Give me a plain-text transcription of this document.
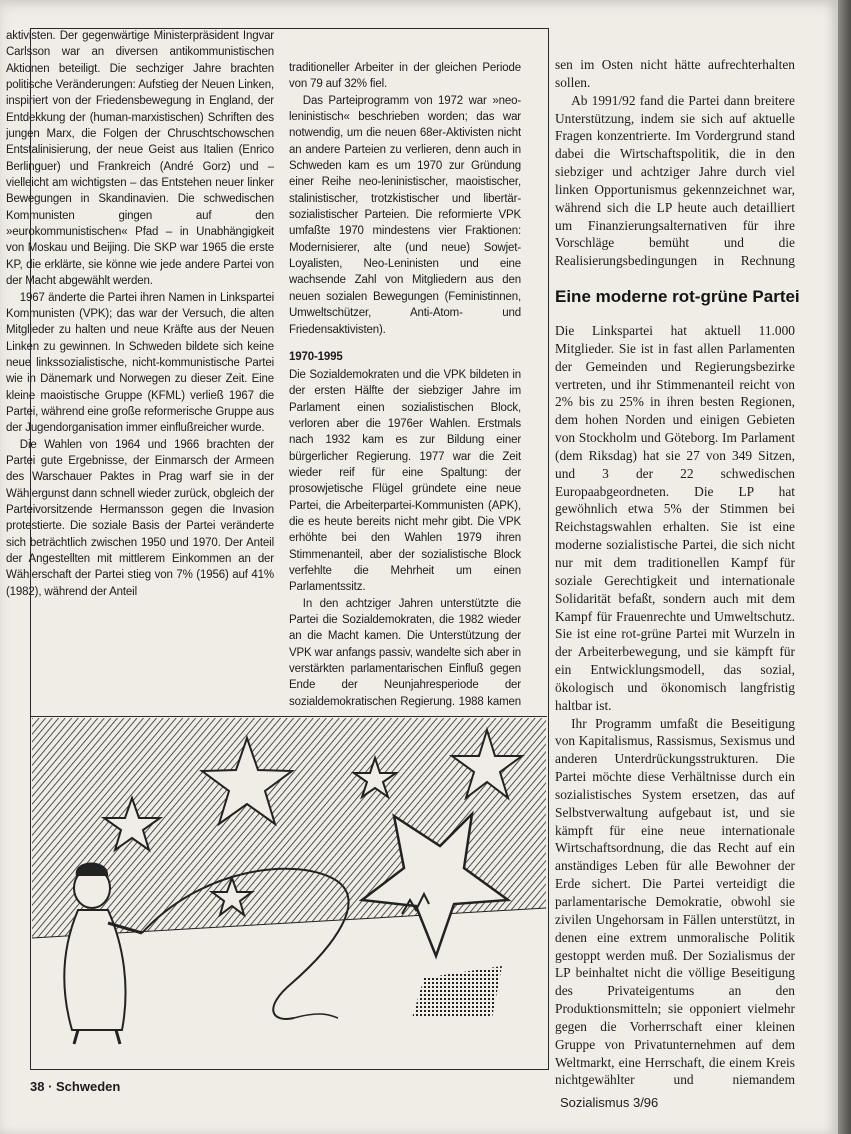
aktivisten. Der gegenwärtige Ministerpräsident Ingvar Carlsson war an diversen antikommunistischen Aktionen beteiligt. Die sechziger Jahre brachten politische Veränderungen: Aufstieg der Neuen Linken, inspiriert von der Friedensbewegung in England, der Entdekkung der (human-marxistischen) Schriften des jungen Marx, die Folgen der Chruschtschowschen Entstalinisierung, der neue Geist aus Italien (Enrico Berlinguer) und Frankreich (André Gorz) und – vielleicht am wichtigsten – das Entstehen neuer linker Bewegungen in Skandinavien. Die schwedischen Kommunisten gingen auf den »eurokommunistischen« Pfad – in Unabhängigkeit von Moskau und Beijing. Die SKP war 1965 die erste KP, die erklärte, sie könne wie jede andere Partei von der Macht abgewählt werden.

1967 änderte die Partei ihren Namen in Linkspartei Kommunisten (VPK); das war der Versuch, die alten Mitglieder zu halten und neue Kräfte aus der Neuen Linken zu gewinnen. In Schweden bildete sich keine neue linkssozialistische, nicht-kommunistische Partei wie in Dänemark und Norwegen zu dieser Zeit. Eine kleine maoistische Gruppe (KFML) verließ 1967 die Partei, während eine große reformerische Gruppe aus der Jugendorganisation immer einflußreicher wurde.

Die Wahlen von 1964 und 1966 brachten der Partei gute Ergebnisse, der Einmarsch der Armeen des Warschauer Paktes in Prag warf sie in der Wählergunst dann schnell wieder zurück, obgleich der Parteivorsitzende Hermansson gegen die Invasion protestierte. Die soziale Basis der Partei veränderte sich beträchtlich zwischen 1950 und 1970. Der Anteil der Angestellten mit mittlerem Einkommen an der Wählerschaft der Partei stieg von 7% (1956) auf 41% (1982), während der Anteil

traditioneller Arbeiter in der gleichen Periode von 79 auf 32% fiel.

Das Parteiprogramm von 1972 war »neo-leninistisch« beschrieben worden; das war notwendig, um die neuen 68er-Aktivisten nicht an andere Parteien zu verlieren, denn auch in Schweden kam es um 1970 zur Gründung einer Reihe neo-leninistischer, maoistischer, stalinistischer, trotzkistischer und libertär-sozialistischer Parteien. Die reformierte VPK umfaßte 1970 mindestens vier Fraktionen: Modernisierer, alte (und neue) Sowjet-Loyalisten, Neo-Leninisten und eine wachsende Zahl von Mitgliedern aus den neuen sozialen Bewegungen (Feministinnen, Umweltschützer, Anti-Atom- und Friedensaktivisten).

1970-1995

Die Sozialdemokraten und die VPK bildeten in der ersten Hälfte der siebziger Jahre im Parlament einen sozialistischen Block, verloren aber die 1976er Wahlen. Erstmals nach 1932 kam es zur Bildung einer bürgerlicher Regierung. 1977 war die Zeit wieder reif für eine Spaltung: der prosowjetische Flügel gründete eine neue Partei, die Arbeiterpartei-Kommunisten (APK), die es heute bereits nicht mehr gibt. Die VPK erhöhte bei den Wahlen 1979 ihren Stimmenanteil, aber der sozialistische Block verfehlte die Mehrheit um einen Parlamentssitz.

In den achtziger Jahren unterstützte die Partei die Sozialdemokraten, die 1982 wieder an die Macht kamen. Die Unterstützung der VPK war anfangs passiv, wandelte sich aber in verstärkten parlamentarischen Einfluß gegen Ende der Neunjahresperiode der sozialdemokratischen Regierung. 1988 kamen

sen im Osten nicht hätte aufrechterhalten sollen.

Ab 1991/92 fand die Partei dann breitere Unterstützung, indem sie sich auf aktuelle Fragen konzentrierte. Im Vordergrund stand dabei die Wirtschaftspolitik, die in den siebziger und achtziger Jahre durch viel linken Opportunismus gekennzeichnet war, während sich die LP heute auch detailliert um Finanzierungsalternativen für ihre Vorschläge bemüht und die Realisierungsbedingungen in Rechnung

Eine moderne rot-grüne Partei

Die Linkspartei hat aktuell 11.000 Mitglieder. Sie ist in fast allen Parlamenten der Gemeinden und Regierungsbezirke vertreten, und ihr Stimmenanteil reicht von 2% bis zu 25% in ihren besten Regionen, dem hohen Norden und einigen Gebieten von Stockholm und Göteborg. Im Parlament (dem Riksdag) hat sie 27 von 349 Sitzen, und 3 der 22 schwedischen Europaabgeordneten. Die LP hat gewöhnlich etwa 5% der Stimmen bei Reichstagswahlen erhalten. Sie ist eine moderne sozialistische Partei, die sich nicht nur mit dem traditionellen Kampf für soziale Gerechtigkeit und internationale Solidarität befaßt, sondern auch mit dem Kampf für Frauenrechte und Umweltschutz. Sie ist eine rot-grüne Partei mit Wurzeln in der Arbeiterbewegung, und sie kämpft für ein Entwicklungsmodell, das sozial, ökologisch und ökonomisch langfristig haltbar ist.

Ihr Programm umfaßt die Beseitigung von Kapitalismus, Rassismus, Sexismus und anderen Unterdrückungsstrukturen. Die Partei möchte diese Verhältnisse durch ein sozialistisches System ersetzen, das auf Selbstverwaltung aufgebaut ist, und sie kämpft für eine neue internationale Wirtschaftsordnung, die das Recht auf ein anständiges Leben für alle Bewohner der Erde sichert. Die Partei verteidigt die parlamentarische Demokratie, obwohl sie zivilen Ungehorsam in Fällen unterstützt, in denen eine extrem unmoralische Politik gestoppt werden muß. Der Sozialismus der LP beinhaltet nicht die völlige Beseitigung des Privateigentums an den Produktionsmitteln; sie opponiert vielmehr gegen die Vorherrschaft einer kleinen Gruppe von Privatunternehmen auf dem Weltmarkt, eine Herrschaft, die einem Kreis nichtgewählter und niemandem

38 · Schweden
Sozialismus 3/96
